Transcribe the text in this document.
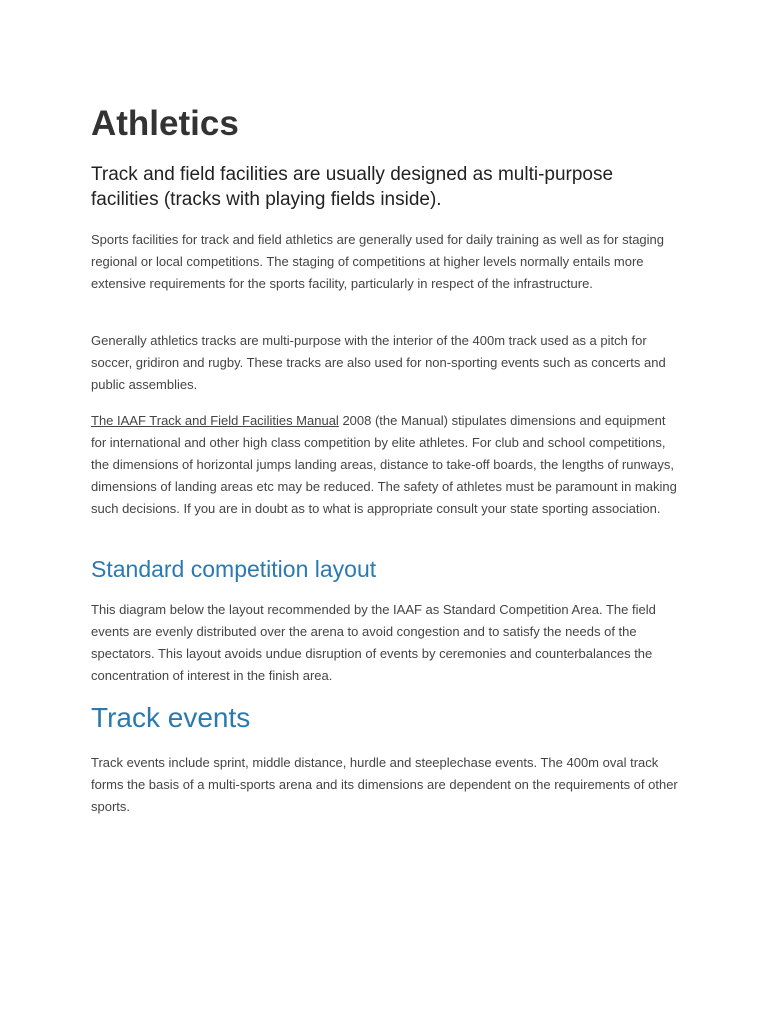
Athletics

Track and field facilities are usually designed as multi-purpose facilities (tracks with playing fields inside).

Sports facilities for track and field athletics are generally used for daily training as well as for staging regional or local competitions. The staging of competitions at higher levels normally entails more extensive requirements for the sports facility, particularly in respect of the infrastructure.

Generally athletics tracks are multi-purpose with the interior of the 400m track used as a pitch for soccer, gridiron and rugby. These tracks are also used for non-sporting events such as concerts and public assemblies.

The IAAF Track and Field Facilities Manual 2008 (the Manual) stipulates dimensions and equipment for international and other high class competition by elite athletes. For club and school competitions, the dimensions of horizontal jumps landing areas, distance to take-off boards, the lengths of runways, dimensions of landing areas etc may be reduced. The safety of athletes must be paramount in making such decisions. If you are in doubt as to what is appropriate consult your state sporting association.

Standard competition layout

This diagram below the layout recommended by the IAAF as Standard Competition Area. The field events are evenly distributed over the arena to avoid congestion and to satisfy the needs of the spectators. This layout avoids undue disruption of events by ceremonies and counterbalances the concentration of interest in the finish area.

Track events

Track events include sprint, middle distance, hurdle and steeplechase events. The 400m oval track forms the basis of a multi-sports arena and its dimensions are dependent on the requirements of other sports.
